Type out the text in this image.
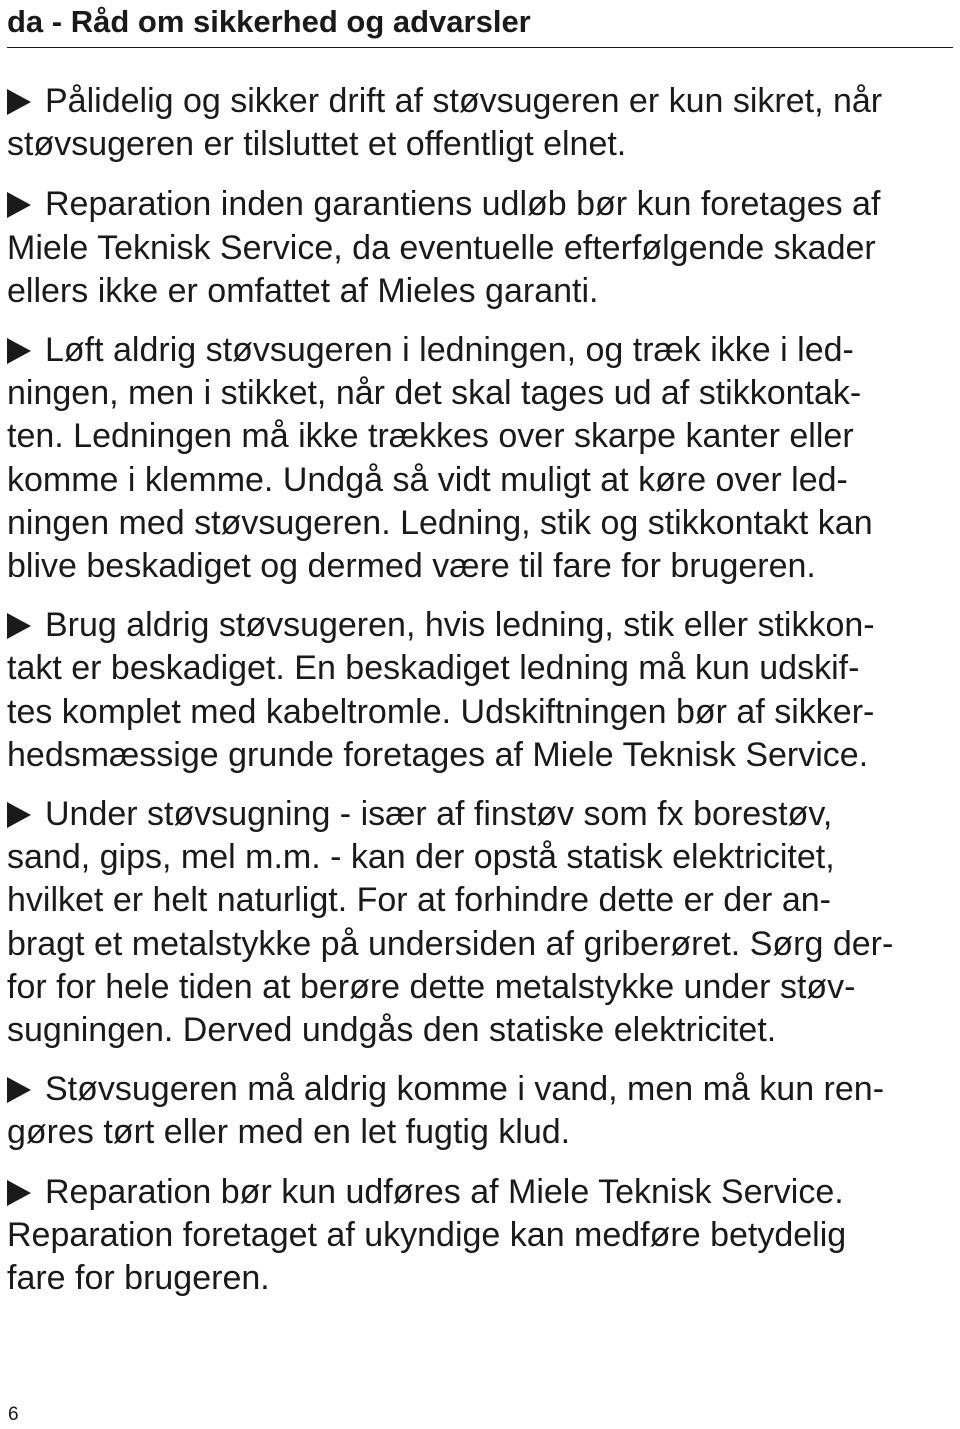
da - Råd om sikkerhed og advarsler

Pålidelig og sikker drift af støvsugeren er kun sikret, når
støvsugeren er tilsluttet et offentligt elnet.

Reparation inden garantiens udløb bør kun foretages af
Miele Teknisk Service, da eventuelle efterfølgende skader
ellers ikke er omfattet af Mieles garanti.

Løft aldrig støvsugeren i ledningen, og træk ikke i led-
ningen, men i stikket, når det skal tages ud af stikkontak-
ten. Ledningen må ikke trækkes over skarpe kanter eller
komme i klemme. Undgå så vidt muligt at køre over led-
ningen med støvsugeren. Ledning, stik og stikkontakt kan
blive beskadiget og dermed være til fare for brugeren.

Brug aldrig støvsugeren, hvis ledning, stik eller stikkon-
takt er beskadiget. En beskadiget ledning må kun udskif-
tes komplet med kabeltromle. Udskiftningen bør af sikker-
hedsmæssige grunde foretages af Miele Teknisk Service.

Under støvsugning - især af finstøv som fx borestøv,
sand, gips, mel m.m. - kan der opstå statisk elektricitet,
hvilket er helt naturligt. For at forhindre dette er der an-
bragt et metalstykke på undersiden af griberøret. Sørg der-
for for hele tiden at berøre dette metalstykke under støv-
sugningen. Derved undgås den statiske elektricitet.

Støvsugeren må aldrig komme i vand, men må kun ren-
gøres tørt eller med en let fugtig klud.

Reparation bør kun udføres af Miele Teknisk Service.
Reparation foretaget af ukyndige kan medføre betydelig
fare for brugeren.

6
